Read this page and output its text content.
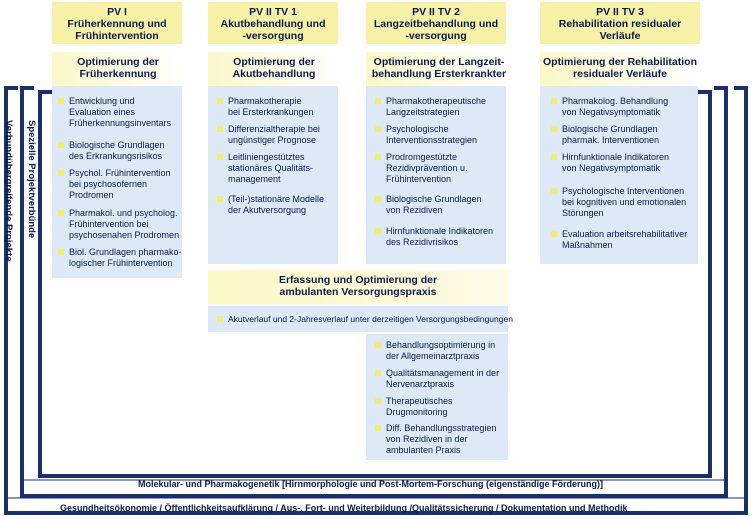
Verbundübergreifende Projekte Spezielle Projektverbünde
Molekular- und Pharmakogenetik [Hirnmorphologie und Post-Mortem-Forschung (eigenständige Förderung)]
Gesundheitsökonomie / Öffentlichkeitsaufklärung / Aus-, Fort- und Weiterbildung /Qualitätssicherung / Dokumentation und Methodik
PV I
Früherkennung und
Frühintervention
Optimierung der
Früherkennung
Entwicklung und
Evaluation eines
Früherkennungsinventars
Biologische Grundlagen
des Erkrankungsrisikos
Psychol. Frühintervention
bei psychosofernen
Prodromen
Pharmakol. und psycholog.
Frühintervention bei
psychosenahen Prodromen
Biol. Grundlagen pharmako-
logischer Frühintervention
PV II TV 1
Akutbehandlung und
-versorgung
Optimierung der
Akutbehandlung
Pharmakotherapie
bei Ersterkrankungen
Differenzialtherapie bei
ungünstiger Prognose
Leitliniengestütztes
stationäres Qualitäts-
management
(Teil-)stationäre Modelle
der Akutversorgung
PV II TV 2
Langzeitbehandlung und
-versorgung
Optimierung der Langzeit-
behandlung Ersterkrankter
Pharmakotherapeutische
Langzeitstrategien
Psychologische
Interventionsstrategien
Prodromgestützte
Rezidivprävention u.
Frühintervention
Biologische Grundlagen
von Rezidiven
Hirnfunktionale Indikatoren
des Rezidivrisikos
PV II TV 3
Rehabilitation residualer
Verläufe
Optimierung der Rehabilitation
residualer Verläufe
Pharmakolog. Behandlung
von Negativsymptomatik
Biologische Grundlagen
pharmak. Interventionen
Hirnfunktionale Indikatoren
von Negativsymptomatik
Psychologische Interventionen
bei kognitiven und emotionalen
Störungen
Evaluation arbeitsrehabilitativer
Maßnahmen
Erfassung und Optimierung der
ambulanten Versorgungspraxis
Akutverlauf und 2-Jahresverlauf unter derzeitigen Versorgungsbedingungen
Behandlungsoptimierung in
der Allgemeinarztpraxis
Qualitätsmanagement in der
Nervenarztpraxis
Therapeutisches
Drugmonitoring
Diff. Behandlungsstrategien
von Rezidiven in der
ambulanten Praxis
